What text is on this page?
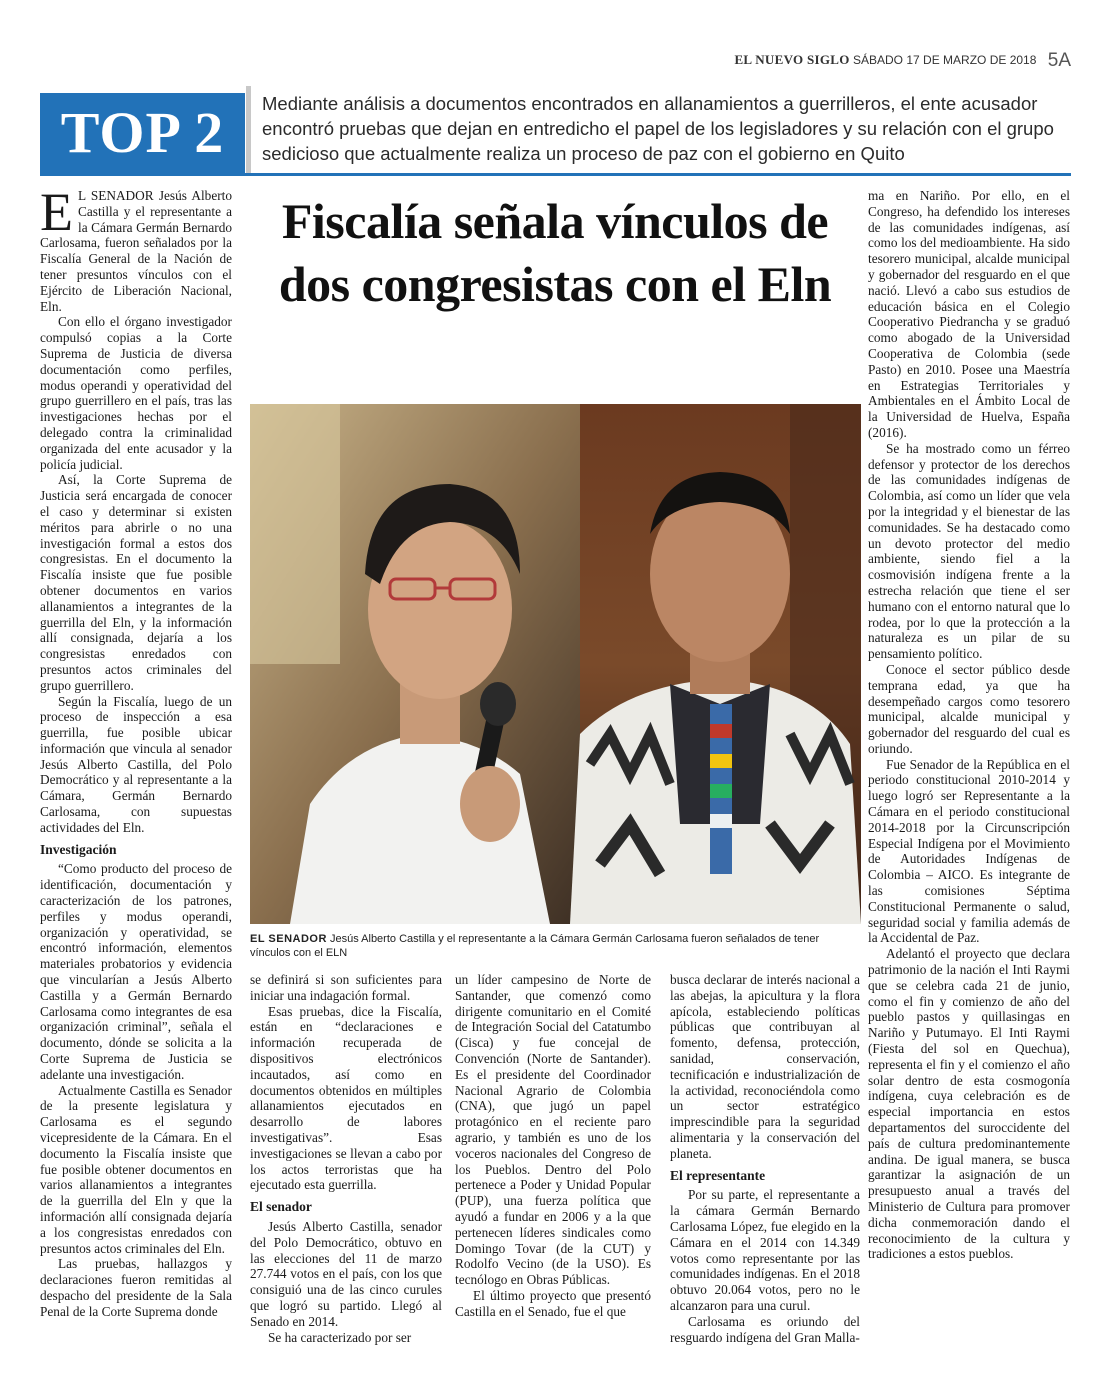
EL NUEVO SIGLO SÁBADO 17 DE MARZO DE 2018 5A
TOP 2	Mediante análisis a documentos encontrados en allanamientos a guerrilleros, el ente acusador encontró pruebas que dejan en entredicho el papel de los legisladores y su relación con el grupo sedicioso que actualmente realiza un proceso de paz con el gobierno en Quito

E L SENADOR Jesús Alberto Castilla y el representante a la Cámara Germán Bernardo Carlosama, fueron señalados por la Fiscalía General de la Nación de tener presuntos vínculos con el Ejército de Liberación Nacional, Eln.

Con ello el órgano investigador compulsó copias a la Corte Suprema de Justicia de diversa documentación como perfiles, modus operandi y operatividad del grupo guerrillero en el país, tras las investigaciones hechas por el delegado contra la criminalidad organizada del ente acusador y la policía judicial.

Así, la Corte Suprema de Justicia será encargada de conocer el caso y determinar si existen méritos para abrirle o no una investigación formal a estos dos congresistas. En el documento la Fiscalía insiste que fue posible obtener documentos en varios allanamientos a integrantes de la guerrilla del Eln, y la información allí consignada, dejaría a los congresistas enredados con presuntos actos criminales del grupo guerrillero.

Según la Fiscalía, luego de un proceso de inspección a esa guerrilla, fue posible ubicar información que vincula al senador Jesús Alberto Castilla, del Polo Democrático y al representante a la Cámara, Germán Bernardo Carlosama, con supuestas actividades del Eln.

Investigación

“Como producto del proceso de identificación, documentación y caracterización de los patrones, perfiles y modus operandi, organización y operatividad, se encontró información, elementos materiales probatorios y evidencia que vincularían a Jesús Alberto Castilla y a Germán Bernardo Carlosama como integrantes de esa organización criminal”, señala el documento, dónde se solicita a la Corte Suprema de Justicia se adelante una investigación.

Actualmente Castilla es Senador de la presente legislatura y Carlosama es el segundo vicepresidente de la Cámara. En el documento la Fiscalía insiste que fue posible obtener documentos en varios allanamientos a integrantes de la guerrilla del Eln y que la información allí consignada dejaría a los congresistas enredados con presuntos actos criminales del Eln.

Las pruebas, hallazgos y declaraciones fueron remitidas al despacho del presidente de la Sala Penal de la Corte Suprema donde

Fiscalía señala vínculos de dos congresistas con el Eln
EL SENADOR Jesús Alberto Castilla y el representante a la Cámara Germán Carlosama fueron señalados de tener vínculos con el ELN

se definirá si son suficientes para iniciar una indagación formal.

Esas pruebas, dice la Fiscalía, están en “declaraciones e información recuperada de dispositivos electrónicos incautados, así como en documentos obtenidos en múltiples allanamientos ejecutados en desarrollo de labores investigativas”. Esas investigaciones se llevan a cabo por los actos terroristas que ha ejecutado esta guerrilla.

El senador

Jesús Alberto Castilla, senador del Polo Democrático, obtuvo en las elecciones del 11 de marzo 27.744 votos en el país, con los que consiguió una de las cinco curules que logró su partido. Llegó al Senado en 2014.

Se ha caracterizado por ser

un líder campesino de Norte de Santander, que comenzó como dirigente comunitario en el Comité de Integración Social del Catatumbo (Cisca) y fue concejal de Convención (Norte de Santander). Es el presidente del Coordinador Nacional Agrario de Colombia (CNA), que jugó un papel protagónico en el reciente paro agrario, y también es uno de los voceros nacionales del Congreso de los Pueblos. Dentro del Polo pertenece a Poder y Unidad Popular (PUP), una fuerza política que ayudó a fundar en 2006 y a la que pertenecen líderes sindicales como Domingo Tovar (de la CUT) y Rodolfo Vecino (de la USO). Es tecnólogo en Obras Públicas.

El último proyecto que presentó Castilla en el Senado, fue el que

busca declarar de interés nacional a las abejas, la apicultura y la flora apícola, estableciendo políticas públicas que contribuyan al fomento, defensa, protección, sanidad, conservación, tecnificación e industrialización de la actividad, reconociéndola como un sector estratégico imprescindible para la seguridad alimentaria y la conservación del planeta.

El representante

Por su parte, el representante a la cámara Germán Bernardo Carlosama López, fue elegido en la Cámara en el 2014 con 14.349 votos como representante por las comunidades indígenas. En el 2018 obtuvo 20.064 votos, pero no le alcanzaron para una curul.

Carlosama es oriundo del resguardo indígena del Gran Malla-

ma en Nariño. Por ello, en el Congreso, ha defendido los intereses de las comunidades indígenas, así como los del medioambiente. Ha sido tesorero municipal, alcalde municipal y gobernador del resguardo en el que nació. Llevó a cabo sus estudios de educación básica en el Colegio Cooperativo Piedrancha y se graduó como abogado de la Universidad Cooperativa de Colombia (sede Pasto) en 2010. Posee una Maestría en Estrategias Territoriales y Ambientales en el Ámbito Local de la Universidad de Huelva, España (2016).

Se ha mostrado como un férreo defensor y protector de los derechos de las comunidades indígenas de Colombia, así como un líder que vela por la integridad y el bienestar de las comunidades. Se ha destacado como un devoto protector del medio ambiente, siendo fiel a la cosmovisión indígena frente a la estrecha relación que tiene el ser humano con el entorno natural que lo rodea, por lo que la protección a la naturaleza es un pilar de su pensamiento político.

Conoce el sector público desde temprana edad, ya que ha desempeñado cargos como tesorero municipal, alcalde municipal y gobernador del resguardo del cual es oriundo.

Fue Senador de la República en el periodo constitucional 2010-2014 y luego logró ser Representante a la Cámara en el periodo constitucional 2014-2018 por la Circunscripción Especial Indígena por el Movimiento de Autoridades Indígenas de Colombia – AICO. Es integrante de las comisiones Séptima Constitucional Permanente o salud, seguridad social y familia además de la Accidental de Paz.

Adelantó el proyecto que declara patrimonio de la nación el Inti Raymi que se celebra cada 21 de junio, como el fin y comienzo de año del pueblo pastos y quillasingas en Nariño y Putumayo. El Inti Raymi (Fiesta del sol en Quechua), representa el fin y el comienzo el año solar dentro de esta cosmogonía indígena, cuya celebración es de especial importancia en estos departamentos del suroccidente del país de cultura predominantemente andina. De igual manera, se busca garantizar la asignación de un presupuesto anual a través del Ministerio de Cultura para promover dicha conmemoración dando el reconocimiento de la cultura y tradiciones a estos pueblos.
